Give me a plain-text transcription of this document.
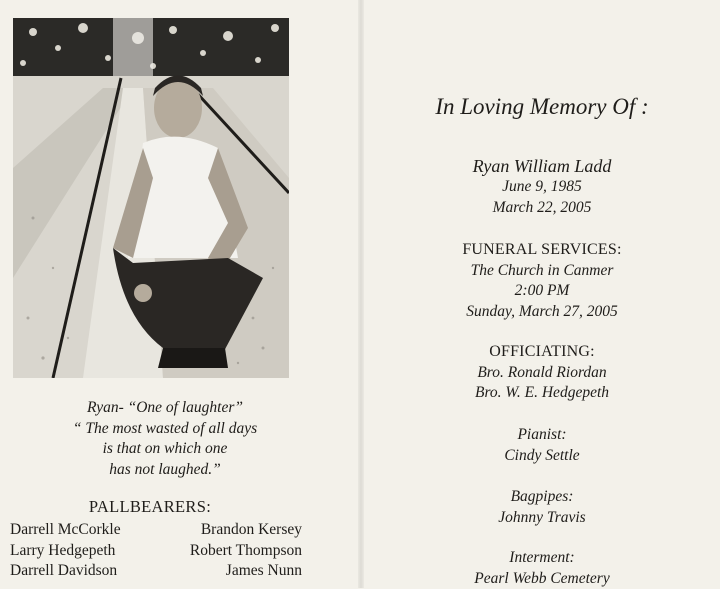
Ryan- “One of laughter”
“ The most wasted of all days
is that on which one
has not laughed.”
PALLBEARERS:
Darrell McCorkle	Brandon Kersey
Larry Hedgepeth	Robert Thompson
Darrell Davidson	James Nunn
In Loving Memory Of :
Ryan William Ladd
June 9, 1985
March 22, 2005
FUNERAL SERVICES:
The Church in Canmer
2:00 PM
Sunday, March 27, 2005
OFFICIATING:
Bro. Ronald Riordan
Bro. W. E. Hedgepeth
Pianist:
Cindy Settle
Bagpipes:
Johnny Travis
Interment:
Pearl Webb Cemetery
